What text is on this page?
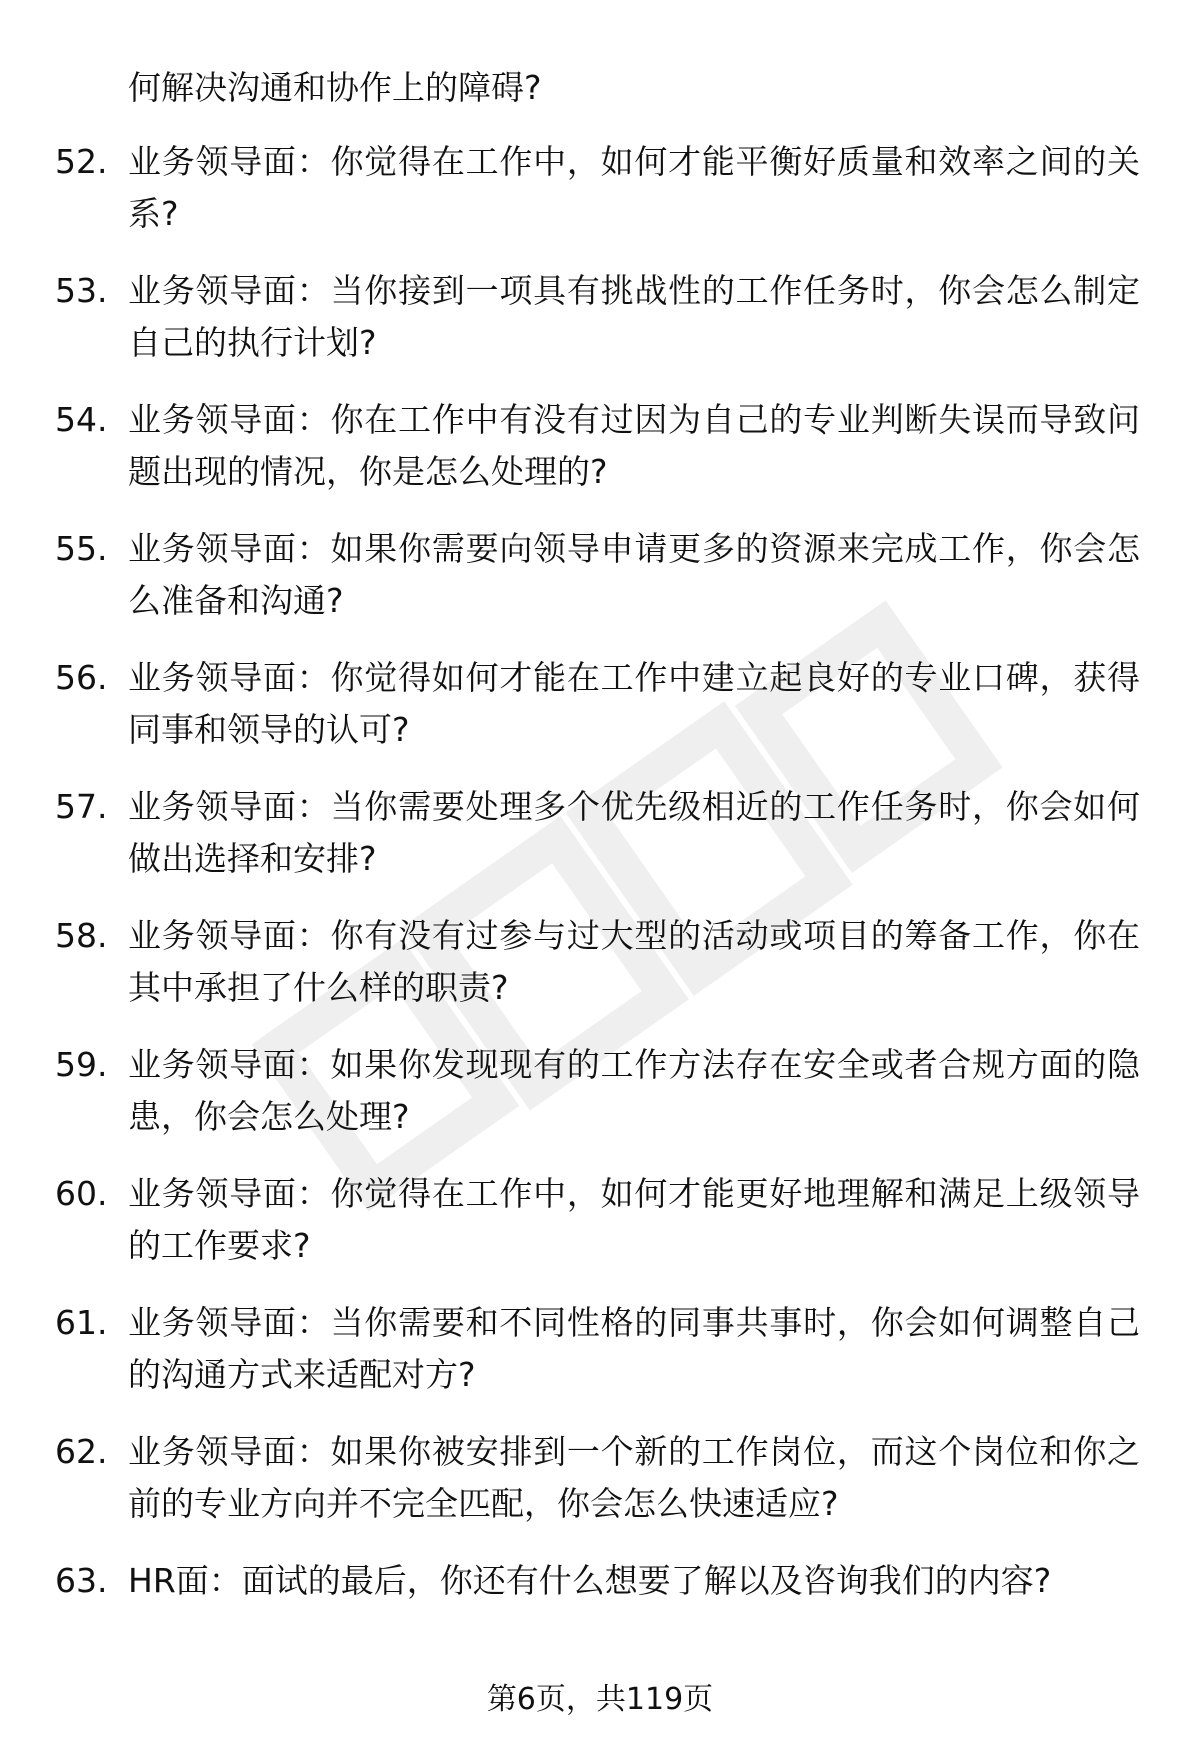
何解决沟通和协作上的障碍?
52. 业务领导面：你觉得在工作中，如何才能平衡好质量和效率之间的关系?
53. 业务领导面：当你接到一项具有挑战性的工作任务时，你会怎么制定自己的执行计划?
54. 业务领导面：你在工作中有没有过因为自己的专业判断失误而导致问题出现的情况，你是怎么处理的?
55. 业务领导面：如果你需要向领导申请更多的资源来完成工作，你会怎么准备和沟通?
56. 业务领导面：你觉得如何才能在工作中建立起良好的专业口碑，获得同事和领导的认可?
57. 业务领导面：当你需要处理多个优先级相近的工作任务时，你会如何做出选择和安排?
58. 业务领导面：你有没有过参与过大型的活动或项目的筹备工作，你在其中承担了什么样的职责?
59. 业务领导面：如果你发现现有的工作方法存在安全或者合规方面的隐患，你会怎么处理?
60. 业务领导面：你觉得在工作中，如何才能更好地理解和满足上级领导的工作要求?
61. 业务领导面：当你需要和不同性格的同事共事时，你会如何调整自己的沟通方式来适配对方?
62. 业务领导面：如果你被安排到一个新的工作岗位，而这个岗位和你之前的专业方向并不完全匹配，你会怎么快速适应?
63. HR面：面试的最后，你还有什么想要了解以及咨询我们的内容?
第6页，共119页
